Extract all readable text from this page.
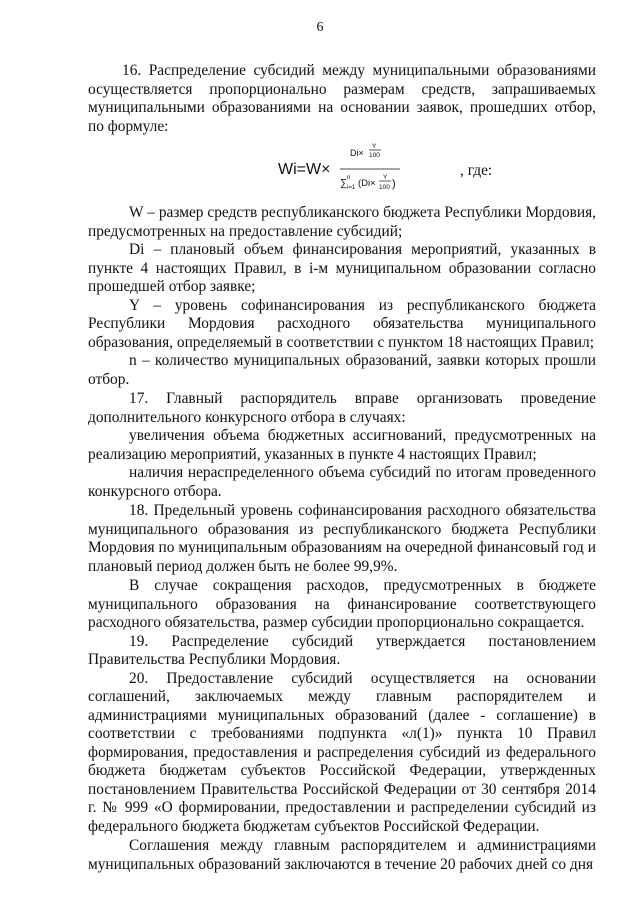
6

16. Распределение субсидий между муниципальными образованиями осуществляется пропорционально размерам средств, запрашиваемых муниципальными образованиями на основании заявок, прошедших отбор, по формуле:

Wi=W×
Di×
Y
100
∑ n
i=1 (Di×
Y
100 )
, где:

W – размер средств республиканского бюджета Республики Мордовия, предусмотренных на предоставление субсидий;

Di – плановый объем финансирования мероприятий, указанных в пункте 4 настоящих Правил, в i-м муниципальном образовании согласно прошедшей отбор заявке;

Y – уровень софинансирования из республиканского бюджета Республики Мордовия расходного обязательства муниципального образования, определяемый в соответствии с пунктом 18 настоящих Правил;

n – количество муниципальных образований, заявки которых прошли отбор.

17. Главный распорядитель вправе организовать проведение дополнительного конкурсного отбора в случаях:

увеличения объема бюджетных ассигнований, предусмотренных на реализацию мероприятий, указанных в пункте 4 настоящих Правил;

наличия нераспределенного объема субсидий по итогам проведенного конкурсного отбора.

18. Предельный уровень софинансирования расходного обязательства муниципального образования из республиканского бюджета Республики Мордовия по муниципальным образованиям на очередной финансовый год и плановый период должен быть не более 99,9%.

В случае сокращения расходов, предусмотренных в бюджете муниципального образования на финансирование соответствующего расходного обязательства, размер субсидии пропорционально сокращается.

19. Распределение субсидий утверждается постановлением Правительства Республики Мордовия.

20. Предоставление субсидий осуществляется на основании соглашений, заключаемых между главным распорядителем и администрациями муниципальных образований (далее - соглашение) в соответствии с требованиями подпункта «л(1)» пункта 10 Правил формирования, предоставления и распределения субсидий из федерального бюджета бюджетам субъектов Российской Федерации, утвержденных постановлением Правительства Российской Федерации от 30 сентября 2014 г. № 999 «О формировании, предоставлении и распределении субсидий из федерального бюджета бюджетам субъектов Российской Федерации.

Соглашения между главным распорядителем и администрациями муниципальных образований заключаются в течение 20 рабочих дней со дня
